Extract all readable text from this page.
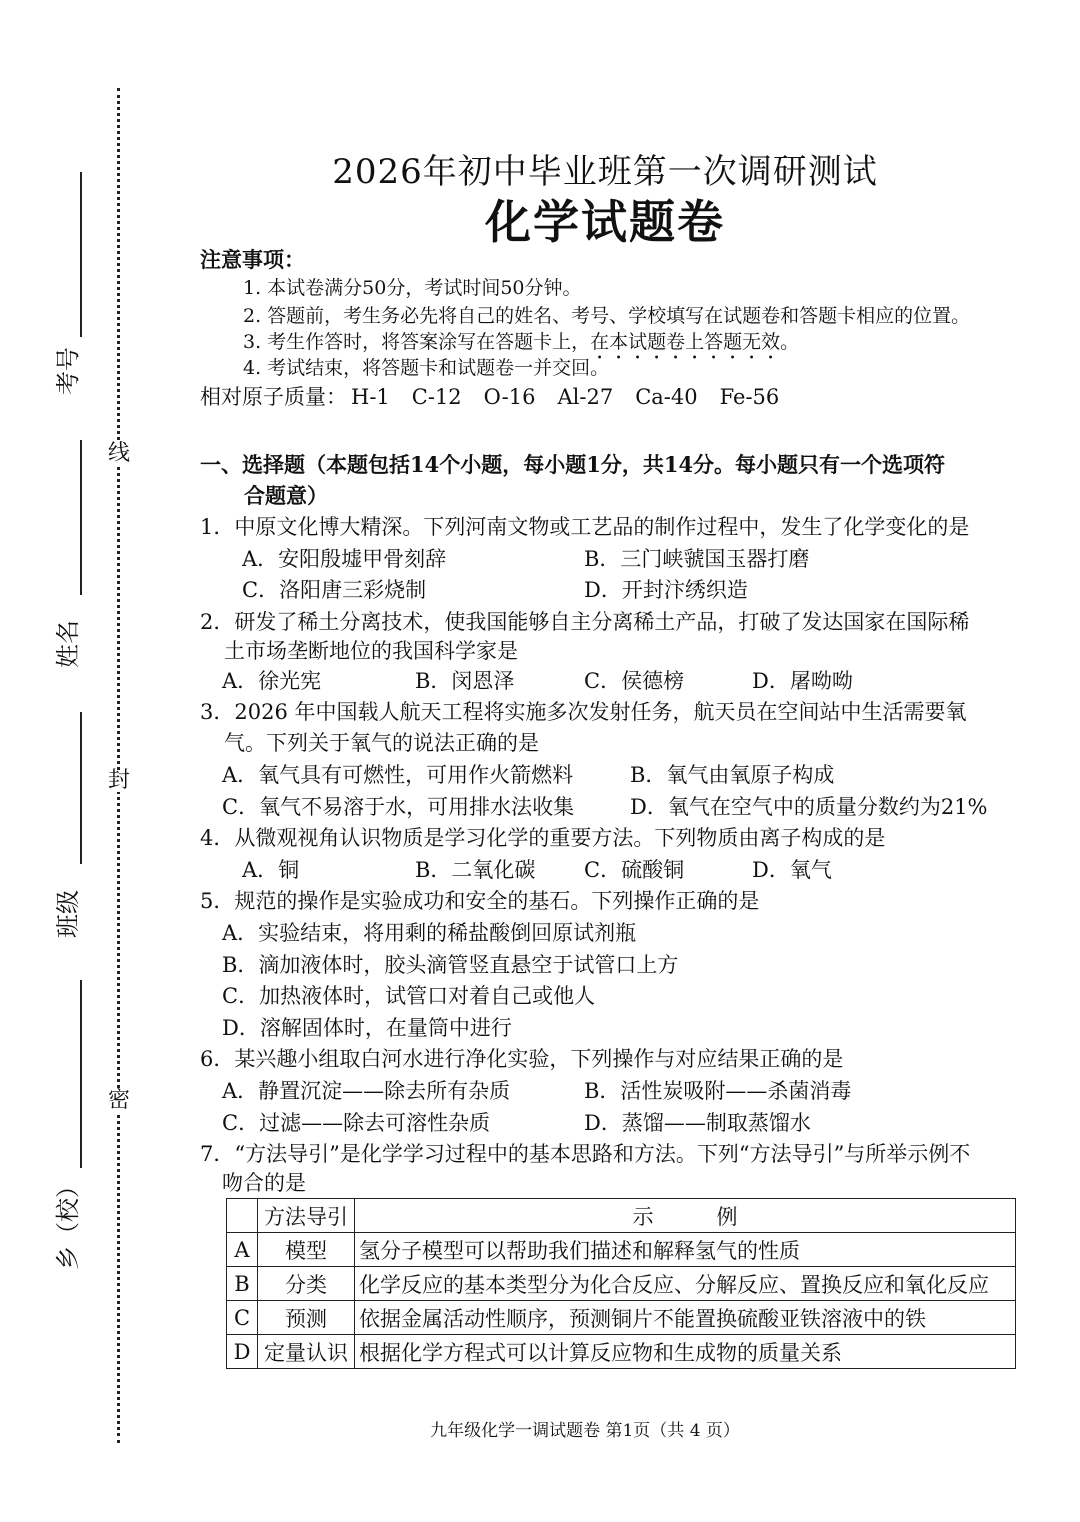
线
封
密
考号
姓名
班级
乡（校）
2026年初中毕业班第一次调研测试
化学试题卷
注意事项：
1. 本试卷满分50分，考试时间50分钟。
2. 答题前，考生务必先将自己的姓名、考号、学校填写在试题卷和答题卡相应的位置。
3. 考生作答时，将答案涂写在答题卡上，在本试题卷上答题无效。
4. 考试结束，将答题卡和试题卷一并交回。
相对原子质量： H-1 C-12 O-16 Al-27 Ca-40 Fe-56
一、选择题（本题包括14个小题，每小题1分，共14分。每小题只有一个选项符
合题意）
1．中原文化博大精深。下列河南文物或工艺品的制作过程中，发生了化学变化的是
A．安阳殷墟甲骨刻辞	B．三门峡虢国玉器打磨
C．洛阳唐三彩烧制	D．开封汴绣织造
2．研发了稀土分离技术，使我国能够自主分离稀土产品，打破了发达国家在国际稀
土市场垄断地位的我国科学家是
A．徐光宪	B．闵恩泽	C．侯德榜	D．屠呦呦
3．2026 年中国载人航天工程将实施多次发射任务，航天员在空间站中生活需要氧
气。下列关于氧气的说法正确的是
A．氧气具有可燃性，可用作火箭燃料	B．氧气由氧原子构成
C．氧气不易溶于水，可用排水法收集	D．氧气在空气中的质量分数约为21%
4．从微观视角认识物质是学习化学的重要方法。下列物质由离子构成的是
A．铜	B．二氧化碳 C．硫酸铜	D．氧气
5．规范的操作是实验成功和安全的基石。下列操作正确的是
A．实验结束，将用剩的稀盐酸倒回原试剂瓶
B．滴加液体时，胶头滴管竖直悬空于试管口上方
C．加热液体时，试管口对着自己或他人
D．溶解固体时，在量筒中进行
6．某兴趣小组取白河水进行净化实验，下列操作与对应结果正确的是
A．静置沉淀——除去所有杂质	B．活性炭吸附——杀菌消毒
C．过滤——除去可溶性杂质	D．蒸馏——制取蒸馏水
7．“方法导引”是化学学习过程中的基本思路和方法。下列“方法导引”与所举示例不
吻合的是
	方法导引	示　　　例
A	模型	氢分子模型可以帮助我们描述和解释氢气的性质
B	分类	化学反应的基本类型分为化合反应、分解反应、置换反应和氧化反应
C	预测	依据金属活动性顺序，预测铜片不能置换硫酸亚铁溶液中的铁
D	定量认识	根据化学方程式可以计算反应物和生成物的质量关系
九年级化学一调试题卷 第1页（共 4 页）
